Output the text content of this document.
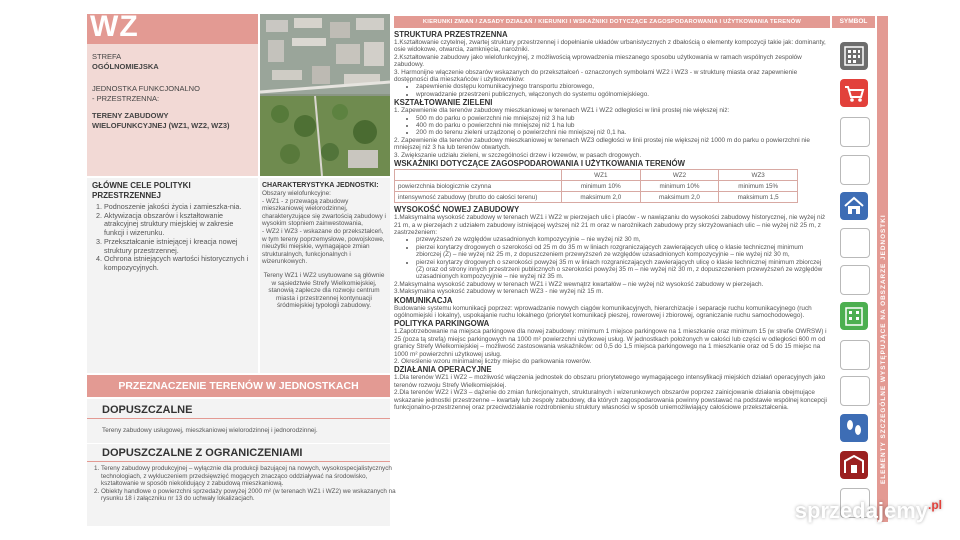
WZ
STREFA
OGÓLNOMIEJSKA
JEDNOSTKA FUNKCJONALNO
- PRZESTRZENNA:
TERENY ZABUDOWY
WIELOFUNKCYJNEJ (WZ1, WZ2, WZ3)
GŁÓWNE CELE POLITYKI PRZESTRZENNEJ
1. Podnoszenie jakości życia i zamieszka-nia.
2. Aktywizacja obszarów i kształtowanie atrakcyjnej struktury miejskiej w zakresie funkcji i wizerunku.
3. Przekształcanie istniejącej i kreacja nowej struktury przestrzennej.
4. Ochrona istniejących wartości historycznych i kompozycyjnych.
CHARAKTERYSTYKA JEDNOSTKI:
Obszary wielofunkcyjne:
- WZ1 - z przewagą zabudowy mieszkaniowej wielorodzinnej, charakteryzujące się zwartością zabudowy i wysokim stopniem zainwestowania,
- WZ2 i WZ3 - wskazane do przekształceń, w tym tereny poprzemysłowe, powojskowe, nieużytki miejskie, wymagające zmian strukturalnych, funkcjonalnych i wizerunkowych.
Tereny WZ1 i WZ2 usytuowane są głównie w sąsiedztwie Strefy Wielkomiejskiej, stanowią zaplecze dla rozwoju centrum miasta i przestrzennej kontynuacji śródmiejskiej typologii zabudowy.
PRZEZNACZENIE TERENÓW W JEDNOSTKACH
DOPUSZCZALNE
Tereny zabudowy usługowej, mieszkaniowej wielorodzinnej i jednorodzinnej.
DOPUSZCZALNE Z OGRANICZENIAMI
1. Tereny zabudowy produkcyjnej – wyłącznie dla produkcji bazującej na nowych, wysokospecjalistycznych technologiach, z wykluczeniem przedsięwzięć mogących znacząco oddziaływać na środowisko, kształtowanie w sposób niekolidujący z zabudową mieszkaniową.
2. Obiekty handlowe o powierzchni sprzedaży powyżej 2000 m² (w terenach WZ1 i WZ2) we wskazanych na rysunku 18 i załączniku nr 13 do uchwały lokalizacjach.
KIERUNKI ZMIAN / ZASADY DZIAŁAŃ / KIERUNKI I WSKAŹNIKI DOTYCZĄCE ZAGOSPODAROWANIA I UŻYTKOWANIA TERENÓW
STRUKTURA PRZESTRZENNA

1.Kształtowanie czytelnej, zwartej struktury przestrzennej i dopełnianie układów urbanistycznych z dbałością o elementy kompozycji takie jak: dominanty, osie widokowe, otwarcia, zamknięcia, narożniki.

2.Kształtowanie zabudowy jako wielofunkcyjnej, z możliwością wprowadzenia mieszanego sposobu użytkowania w ramach wspólnych zespołów zabudowy.

3. Harmonijne włączenie obszarów wskazanych do przekształceń - oznaczonych symbolami WZ2 i WZ3 - w strukturę miasta oraz zapewnienie dostępności dla mieszkańców i użytkowników:

• zapewnienie dostępu komunikacyjnego transportu zbiorowego,
• wprowadzanie przestrzeni publicznych, włączonych do systemu ogólnomiejskiego.
KSZTAŁTOWANIE ZIELENI

1. Zapewnienie dla terenów zabudowy mieszkaniowej w terenach WZ1 i WZ2 odległości w linii prostej nie większej niż:

• 500 m do parku o powierzchni nie mniejszej niż 3 ha lub
• 400 m do parku o powierzchni nie mniejszej niż 1 ha lub
• 200 m do terenu zieleni urządzonej o powierzchni nie mniejszej niż 0,1 ha.

2. Zapewnienie dla terenów zabudowy mieszkaniowej w terenach WZ3 odległości w linii prostej nie większej niż 1000 m do parku o powierzchni nie mniejszej niż 3 ha lub terenów otwartych.

3. Zwiększanie udziału zieleni, w szczególności drzew i krzewów, w pasach drogowych.

WSKAŹNIKI DOTYCZĄCE ZAGOSPODAROWANIA I UŻYTKOWANIA TERENÓW
	WZ1	WZ2	WZ3
powierzchnia biologicznie czynna	minimum 10%	minimum 10%	minimum 15%
intensywność zabudowy (brutto do całości terenu)	maksimum 2,0	maksimum 2,0	maksimum 1,5
WYSOKOŚĆ NOWEJ ZABUDOWY

1.Maksymalna wysokość zabudowy w terenach WZ1 i WZ2 w pierzejach ulic i placów - w nawiązaniu do wysokości zabudowy historycznej, nie wyżej niż 21 m, a w pierzejach z udziałem zabudowy istniejącej wyższej niż 21 m oraz w narożnikach zabudowy przy skrzyżowaniach ulic – nie wyżej niż 25 m, z zastrzeżeniem:

• przewyższeń ze względów uzasadnionych kompozycyjnie – nie wyżej niż 30 m,
• pierzei korytarzy drogowych o szerokości od 25 m do 35 m w liniach rozgraniczających zawierających ulicę o klasie technicznej minimum zbiorczej (Z) – nie wyżej niż 25 m, z dopuszczeniem przewyższeń ze względów uzasadnionych kompozycyjnie – nie wyżej niż 30 m,
• pierzei korytarzy drogowych o szerokości powyżej 35 m w liniach rozgraniczających zawierających ulicę o klasie technicznej minimum zbiorczej (Z) oraz od strony innych przestrzeni publicznych o szerokości powyżej 35 m – nie wyżej niż 30 m, z dopuszczeniem przewyższeń ze względów uzasadnionych kompozycyjnie – nie wyżej niż 35 m.

2.Maksymalna wysokość zabudowy w terenach WZ1 i WZ2 wewnątrz kwartałów – nie wyżej niż wysokość zabudowy w pierzejach.

3.Maksymalna wysokość zabudowy w terenach WZ3 - nie wyżej niż 15 m.

KOMUNIKACJA
Budowanie systemu komunikacji poprzez: wprowadzanie nowych ciągów komunikacyjnych, hierarchizacje i separacje ruchu komunikacyjnego (ruch ogólnomiejski i lokalny), uspokajanie ruchu lokalnego (priorytet komunikacji pieszej, rowerowej i zbiorowej, ograniczanie ruchu samochodowego).
POLITYKA PARKINGOWA

1.Zapotrzebowanie na miejsca parkingowe dla nowej zabudowy: minimum 1 miejsce parkingowe na 1 mieszkanie oraz minimum 15 (w strefie OWRSW) i 25 (poza tą strefą) miejsc parkingowych na 1000 m² powierzchni użytkowej usług. W jednostkach położonych w całości lub części w odległości 600 m od granicy Strefy Wielkomiejskiej – możliwość zastosowania wskaźników: od 0,5 do 1,5 miejsca parkingowego na 1 mieszkanie oraz od 5 do 15 miejsc na 1000 m² powierzchni użytkowej usług.

2. Określenie wzoru minimalnej liczby miejsc do parkowania rowerów.

DZIAŁANIA OPERACYJNE

1.Dla terenów WZ1 i WZ2 – możliwość włączenia jednostek do obszaru priorytetowego wymagającego intensyfikacji miejskich działań operacyjnych jako terenów rozwoju Strefy Wielkomiejskiej.

2.Dla terenów WZ2 i WZ3 – dążenie do zmian funkcjonalnych, strukturalnych i wizerunkowych obszarów poprzez zainicjowanie działania obejmujące wskazanie jednostki przestrzenne – kwartały lub zespoły zabudowy, dla których zagospodarowania powinny powstawać na podstawie wspólnej koncepcji funkcjonalno-przestrzennej oraz przeciwdziałanie rozdrobnieniu struktury własności w sposób uniemożliwiający całościowe przekształcenia.

SYMBOL
ELEMENTY SZCZEGÓLNE WYSTĘPUJĄCE NA OBSZARZE JEDNOSTKI
sprzedajemy$^{.pl}$
